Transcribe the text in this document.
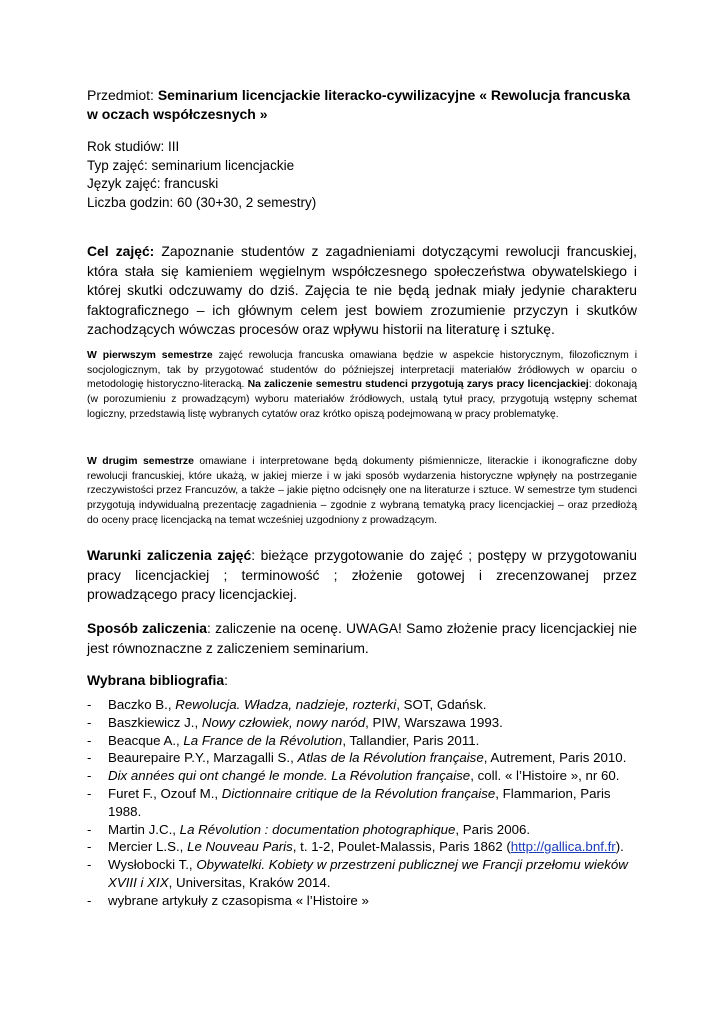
Przedmiot: Seminarium licencjackie literacko-cywilizacyjne « Rewolucja francuska w oczach współczesnych »

Rok studiów: III
Typ zajęć: seminarium licencjackie
Język zajęć: francuski
Liczba godzin: 60 (30+30, 2 semestry)

Cel zajęć: Zapoznanie studentów z zagadnieniami dotyczącymi rewolucji francuskiej, która stała się kamieniem węgielnym współczesnego społeczeństwa obywatelskiego i której skutki odczuwamy do dziś. Zajęcia te nie będą jednak miały jedynie charakteru faktograficznego – ich głównym celem jest bowiem zrozumienie przyczyn i skutków zachodzących wówczas procesów oraz wpływu historii na literaturę i sztukę.

W pierwszym semestrze zajęć rewolucja francuska omawiana będzie w aspekcie historycznym, filozoficznym i socjologicznym, tak by przygotować studentów do późniejszej interpretacji materiałów źródłowych w oparciu o metodologię historyczno-literacką. Na zaliczenie semestru studenci przygotują zarys pracy licencjackiej: dokonają (w porozumieniu z prowadzącym) wyboru materiałów źródłowych, ustalą tytuł pracy, przygotują wstępny schemat logiczny, przedstawią listę wybranych cytatów oraz krótko opiszą podejmowaną w pracy problematykę.

W drugim semestrze omawiane i interpretowane będą dokumenty piśmiennicze, literackie i ikonograficzne doby rewolucji francuskiej, które ukażą, w jakiej mierze i w jaki sposób wydarzenia historyczne wpłynęły na postrzeganie rzeczywistości przez Francuzów, a także – jakie piętno odcisnęły one na literaturze i sztuce. W semestrze tym studenci przygotują indywidualną prezentację zagadnienia – zgodnie z wybraną tematyką pracy licencjackiej – oraz przedłożą do oceny pracę licencjacką na temat wcześniej uzgodniony z prowadzącym.

Warunki zaliczenia zajęć: bieżące przygotowanie do zajęć ; postępy w przygotowaniu pracy licencjackiej ; terminowość ; złożenie gotowej i zrecenzowanej przez prowadzącego pracy licencjackiej.

Sposób zaliczenia: zaliczenie na ocenę. UWAGA! Samo złożenie pracy licencjackiej nie jest równoznaczne z zaliczeniem seminarium.

Wybrana bibliografia:

- Baczko B., Rewolucja. Władza, nadzieje, rozterki, SOT, Gdańsk.
- Baszkiewicz J., Nowy człowiek, nowy naród, PIW, Warszawa 1993.
- Beacque A., La France de la Révolution, Tallandier, Paris 2011.
- Beaurepaire P.Y., Marzagalli S., Atlas de la Révolution française, Autrement, Paris 2010.
- Dix années qui ont changé le monde. La Révolution française, coll. « l’Histoire », nr 60.
- Furet F., Ozouf M., Dictionnaire critique de la Révolution française, Flammarion, Paris 1988.
- Martin J.C., La Révolution : documentation photographique, Paris 2006.
- Mercier L.S., Le Nouveau Paris, t. 1-2, Poulet-Malassis, Paris 1862 (http://gallica.bnf.fr).
- Wysłobocki T., Obywatelki. Kobiety w przestrzeni publicznej we Francji przełomu wieków XVIII i XIX, Universitas, Kraków 2014.
- wybrane artykuły z czasopisma « l’Histoire »
